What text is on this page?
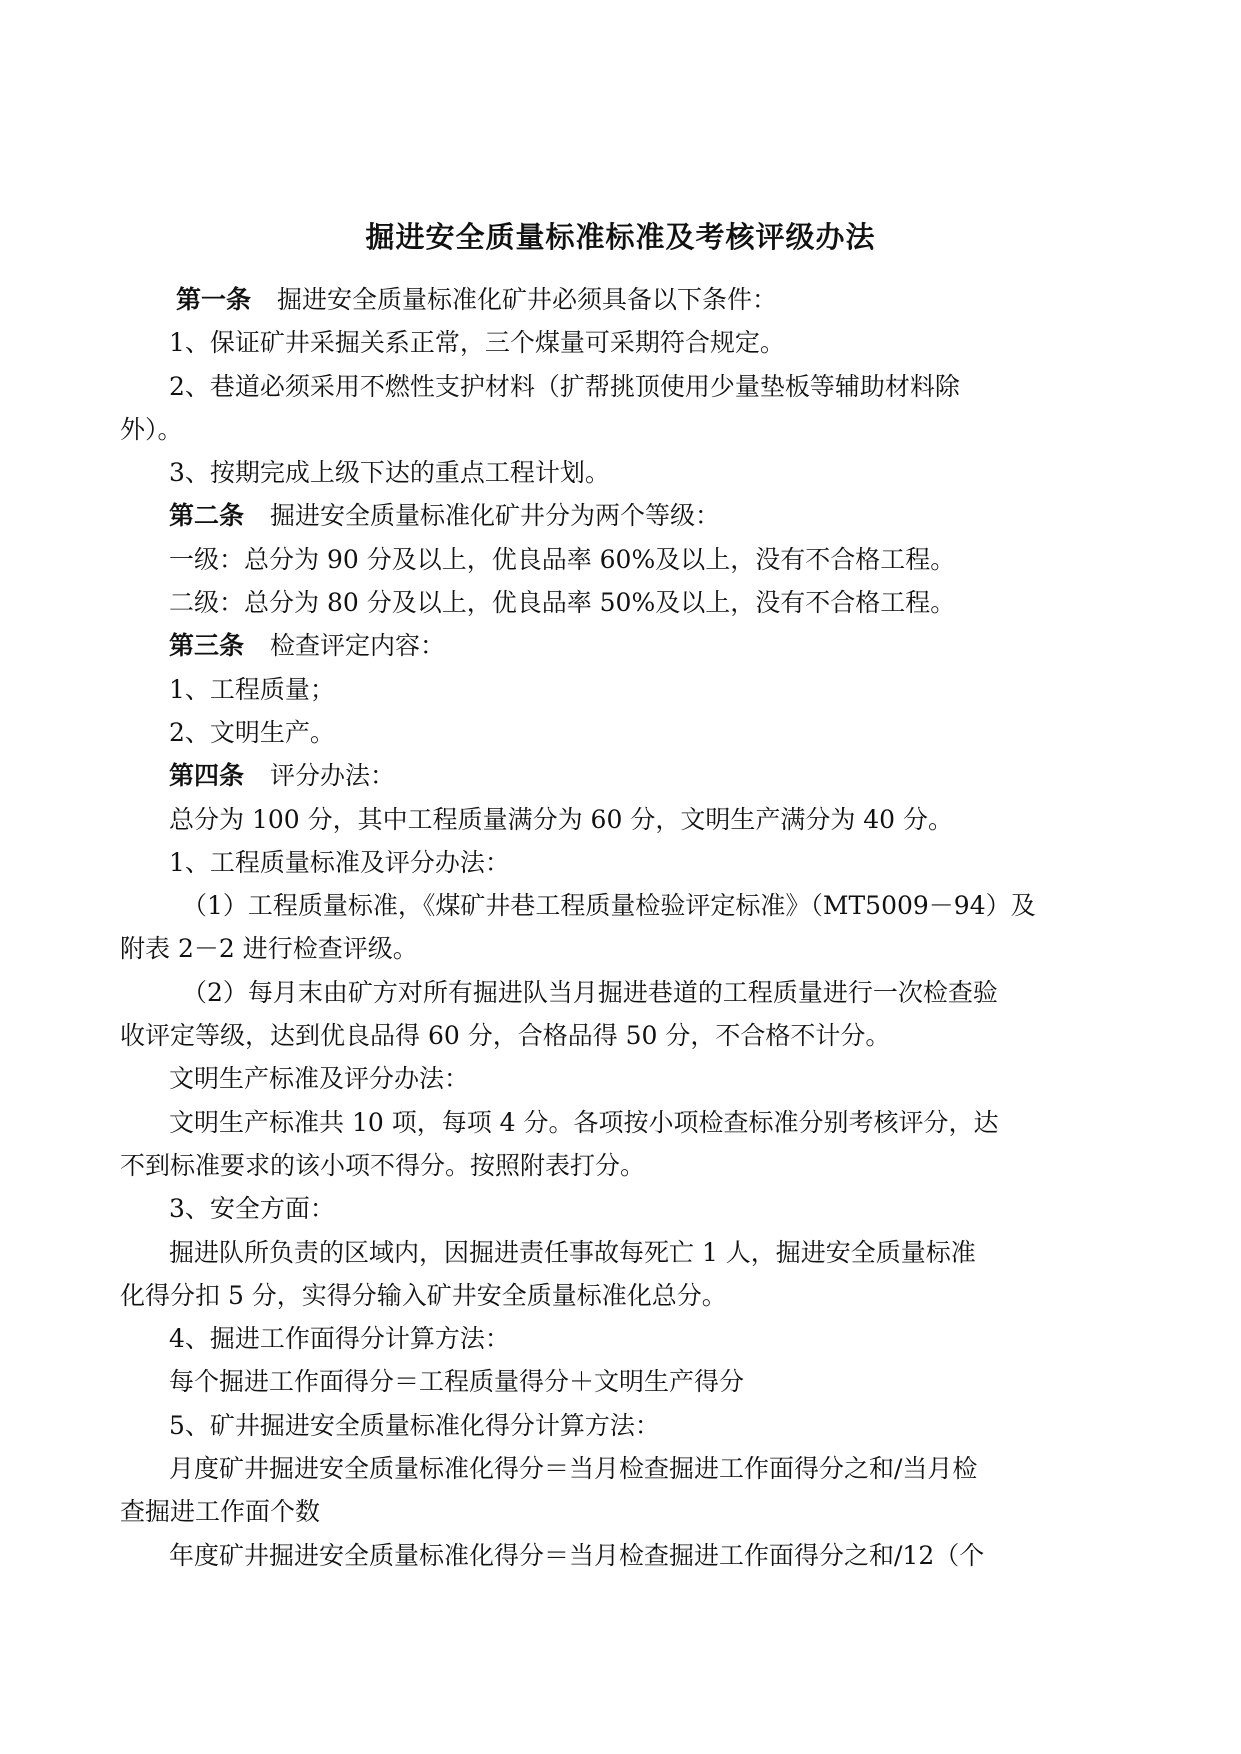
掘进安全质量标准标准及考核评级办法

第一条 掘进安全质量标准化矿井必须具备以下条件：

1、保证矿井采掘关系正常，三个煤量可采期符合规定。

2、巷道必须采用不燃性支护材料（扩帮挑顶使用少量垫板等辅助材料除

外）。

3、按期完成上级下达的重点工程计划。

第二条 掘进安全质量标准化矿井分为两个等级：

一级：总分为 90 分及以上，优良品率 60%及以上，没有不合格工程。

二级：总分为 80 分及以上，优良品率 50%及以上，没有不合格工程。

第三条 检查评定内容：

1、工程质量；

2、文明生产。

第四条 评分办法：

总分为 100 分，其中工程质量满分为 60 分，文明生产满分为 40 分。

1、工程质量标准及评分办法：

（1）工程质量标准，《煤矿井巷工程质量检验评定标准》（MT5009－94）及

附表 2－2 进行检查评级。

（2）每月末由矿方对所有掘进队当月掘进巷道的工程质量进行一次检查验

收评定等级，达到优良品得 60 分，合格品得 50 分，不合格不计分。

文明生产标准及评分办法：

文明生产标准共 10 项，每项 4 分。各项按小项检查标准分别考核评分，达

不到标准要求的该小项不得分。按照附表打分。

3、安全方面：

掘进队所负责的区域内，因掘进责任事故每死亡 1 人，掘进安全质量标准

化得分扣 5 分，实得分输入矿井安全质量标准化总分。

4、掘进工作面得分计算方法：

每个掘进工作面得分＝工程质量得分＋文明生产得分

5、矿井掘进安全质量标准化得分计算方法：

月度矿井掘进安全质量标准化得分＝当月检查掘进工作面得分之和/当月检

查掘进工作面个数

年度矿井掘进安全质量标准化得分＝当月检查掘进工作面得分之和/12（个
